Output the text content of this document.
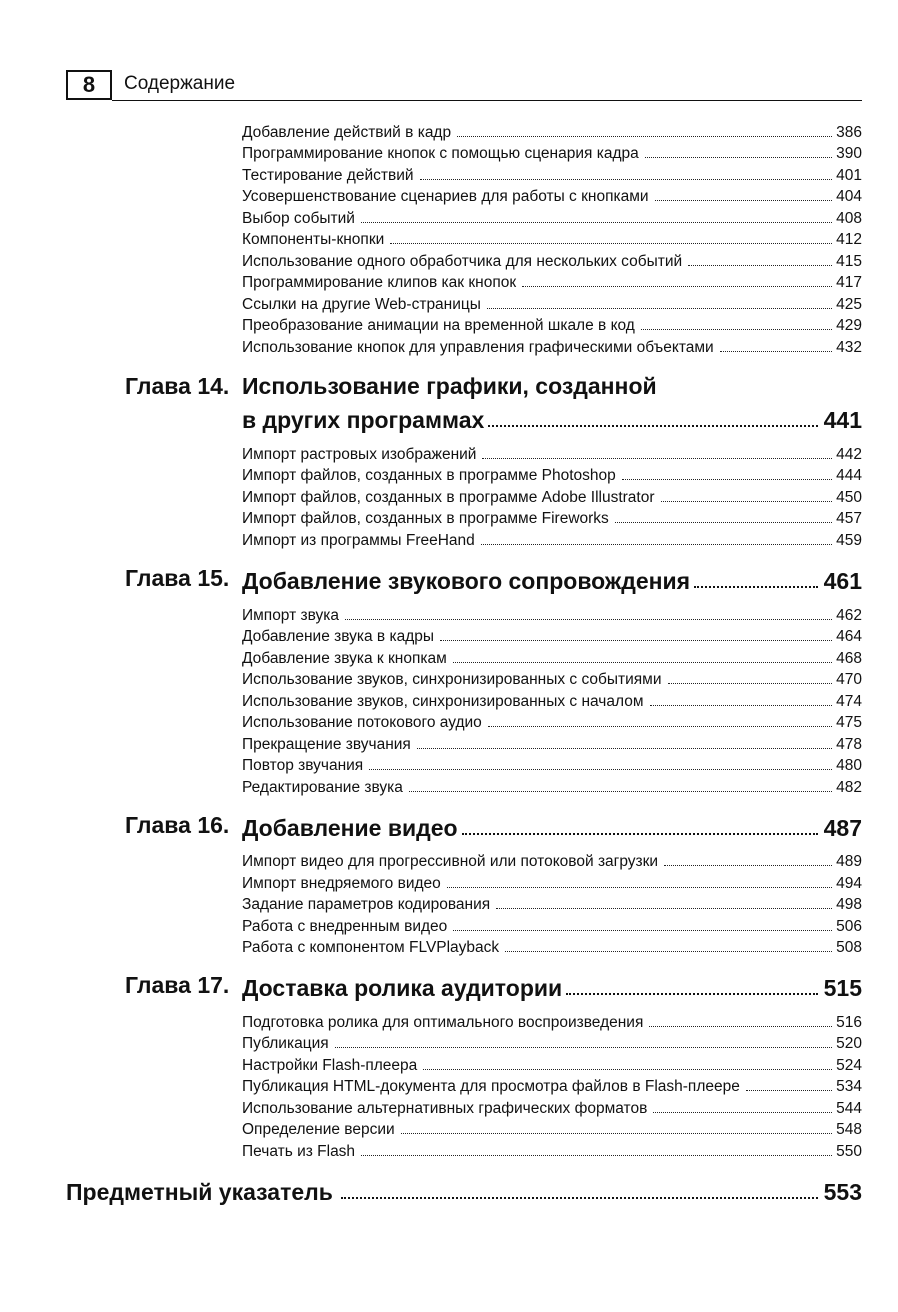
8	Содержание
Добавление действий в кадр	386
Программирование кнопок с помощью сценария кадра	390
Тестирование действий	401
Усовершенствование сценариев для работы с кнопками	404
Выбор событий	408
Компоненты-кнопки	412
Использование одного обработчика для нескольких событий	415
Программирование клипов как кнопок	417
Ссылки на другие Web-страницы	425
Преобразование анимации на временной шкале в код	429
Использование кнопок для управления графическими объектами	432
Глава 14. Использование графики, созданной
в других программах	441
Импорт растровых изображений	442
Импорт файлов, созданных в программе Photoshop	444
Импорт файлов, созданных в программе Adobe Illustrator	450
Импорт файлов, созданных в программе Fireworks	457
Импорт из программы FreeHand	459
Глава 15. Добавление звукового сопровождения	461
Импорт звука	462
Добавление звука в кадры	464
Добавление звука к кнопкам	468
Использование звуков, синхронизированных с событиями	470
Использование звуков, синхронизированных с началом	474
Использование потокового аудио	475
Прекращение звучания	478
Повтор звучания	480
Редактирование звука	482
Глава 16. Добавление видео	487
Импорт видео для прогрессивной или потоковой загрузки	489
Импорт внедряемого видео	494
Задание параметров кодирования	498
Работа с внедренным видео	506
Работа с компонентом FLVPlayback	508
Глава 17. Доставка ролика аудитории	515
Подготовка ролика для оптимального воспроизведения	516
Публикация	520
Настройки Flash-плеера	524
Публикация HTML-документа для просмотра файлов в Flash-плеере	534
Использование альтернативных графических форматов	544
Определение версии	548
Печать из Flash	550
Предметный указатель	553
